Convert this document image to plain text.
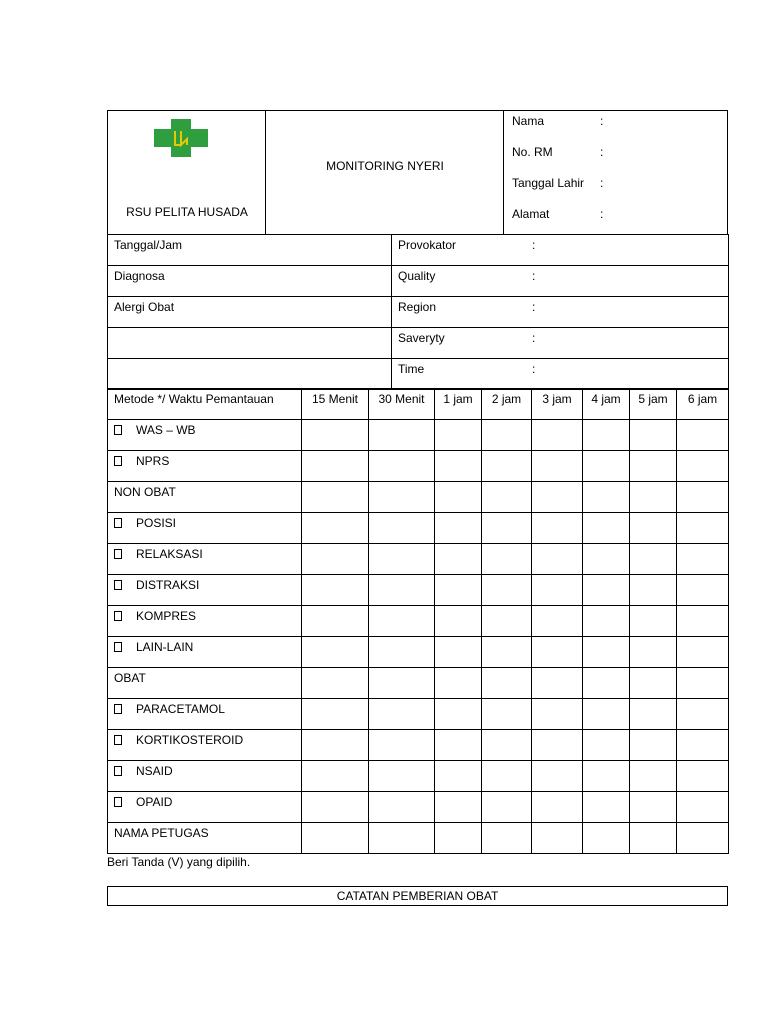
RSU PELITA HUSADA
MONITORING NYERI
Nama	:
No. RM	:
Tanggal Lahir :
Alamat	:
Tanggal/Jam	Provokator :
Diagnosa	Quality :
Alergi Obat	Region :
	Saveryty :
	Time :
Metode */ Waktu Pemantauan	15 Menit	30 Menit	1 jam	2 jam	3 jam	4 jam	5 jam	6 jam
WAS – WB								
NPRS								
NON OBAT								
POSISI								
RELAKSASI								
DISTRAKSI								
KOMPRES								
LAIN-LAIN								
OBAT								
PARACETAMOL								
KORTIKOSTEROID								
NSAID								
OPAID								
NAMA PETUGAS								
Beri Tanda (V) yang dipilih.
CATATAN PEMBERIAN OBAT
